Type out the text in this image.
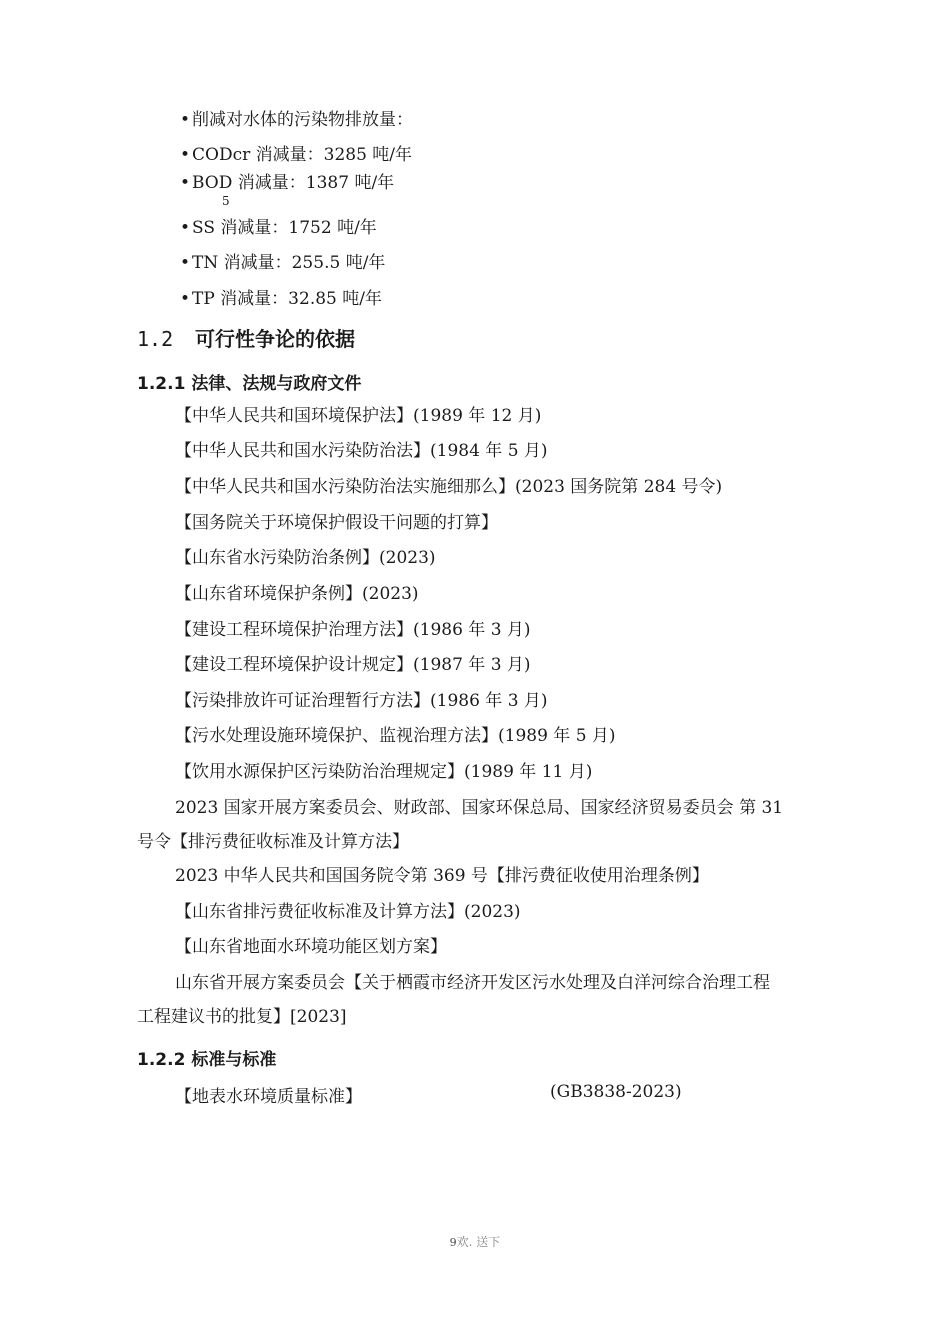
• 削减对水体的污染物排放量：
• CODcr 消减量：3285 吨/年
• BOD 消减量：1387 吨/年
5
• SS 消减量：1752 吨/年
• TN 消减量：255.5 吨/年
• TP 消减量：32.85 吨/年
1.2 可行性争论的依据
1.2.1 法律、法规与政府文件
【中华人民共和国环境保护法】(1989 年 12 月)
【中华人民共和国水污染防治法】(1984 年 5 月)
【中华人民共和国水污染防治法实施细那么】(2023 国务院第 284 号令)
【国务院关于环境保护假设干问题的打算】
【山东省水污染防治条例】(2023)
【山东省环境保护条例】(2023)
【建设工程环境保护治理方法】(1986 年 3 月)
【建设工程环境保护设计规定】(1987 年 3 月)
【污染排放许可证治理暂行方法】(1986 年 3 月)
【污水处理设施环境保护、监视治理方法】(1989 年 5 月)
【饮用水源保护区污染防治治理规定】(1989 年 11 月)
2023 国家开展方案委员会、财政部、国家环保总局、国家经济贸易委员会 第 31
号令【排污费征收标准及计算方法】
2023 中华人民共和国国务院令第 369 号【排污费征收使用治理条例】
【山东省排污费征收标准及计算方法】(2023)
【山东省地面水环境功能区划方案】
山东省开展方案委员会【关于栖霞市经济开发区污水处理及白洋河综合治理工程
工程建议书的批复】[2023]
1.2.2 标准与标准
【地表水环境质量标准】	(GB3838-2023)
9欢. 送下
